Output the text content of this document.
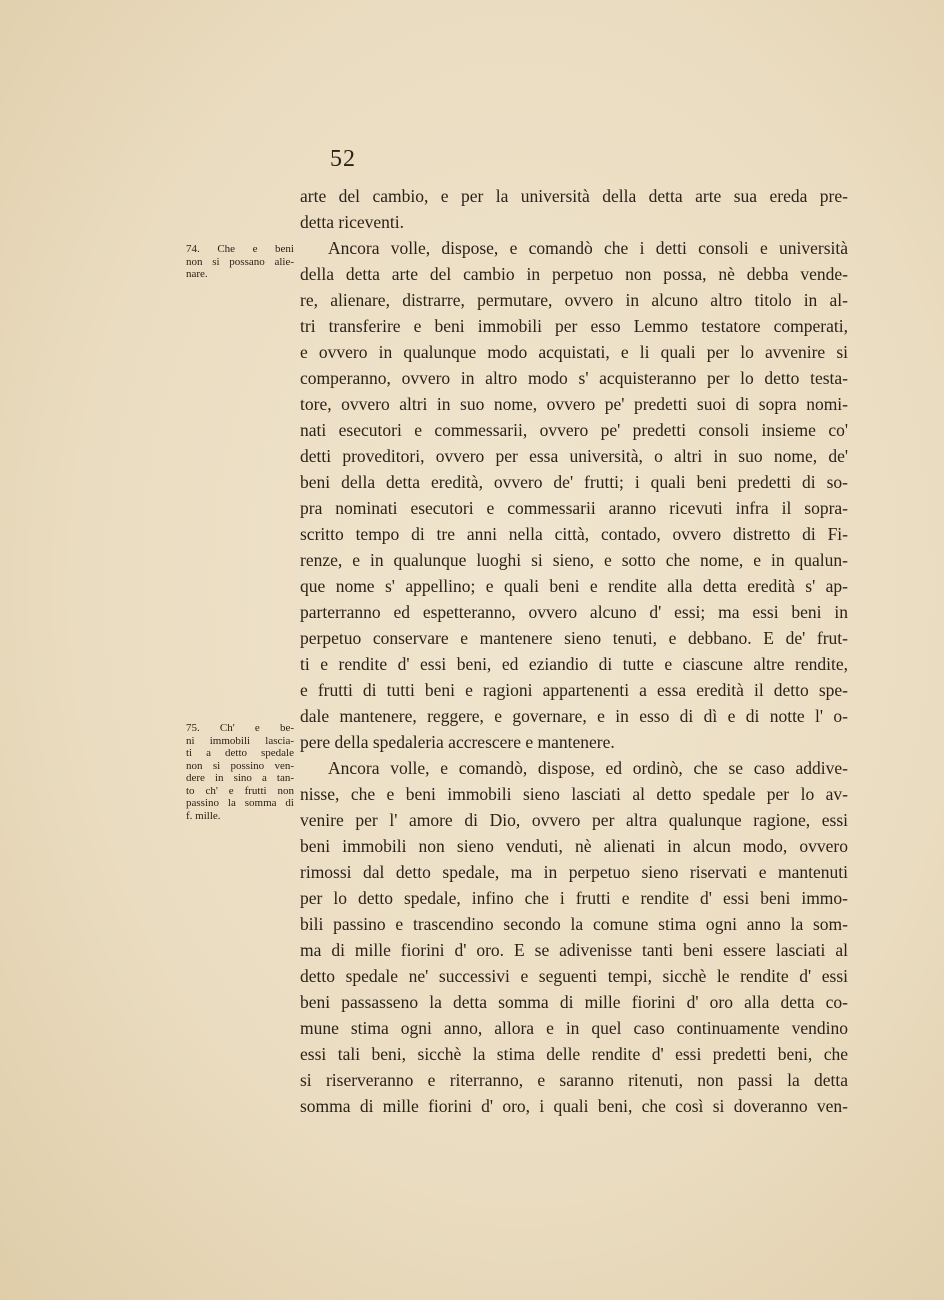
52
74. Che e beni
non si possano alie-
nare.
75. Ch' e be-
ni immobili lascia-
ti a detto spedale
non si possino ven-
dere in sino a tan-
to ch' e frutti non
passino la somma di
f. mille.
arte del cambio, e per la università della detta arte sua ereda pre-
detta riceventi.
Ancora volle, dispose, e comandò che i detti consoli e università
della detta arte del cambio in perpetuo non possa, nè debba vende-
re, alienare, distrarre, permutare, ovvero in alcuno altro titolo in al-
tri transferire e beni immobili per esso Lemmo testatore comperati,
e ovvero in qualunque modo acquistati, e li quali per lo avvenire si
comperanno, ovvero in altro modo s' acquisteranno per lo detto testa-
tore, ovvero altri in suo nome, ovvero pe' predetti suoi di sopra nomi-
nati esecutori e commessarii, ovvero pe' predetti consoli insieme co'
detti proveditori, ovvero per essa università, o altri in suo nome, de'
beni della detta eredità, ovvero de' frutti; i quali beni predetti di so-
pra nominati esecutori e commessarii aranno ricevuti infra il sopra-
scritto tempo di tre anni nella città, contado, ovvero distretto di Fi-
renze, e in qualunque luoghi si sieno, e sotto che nome, e in qualun-
que nome s' appellino; e quali beni e rendite alla detta eredità s' ap-
parterranno ed espetteranno, ovvero alcuno d' essi; ma essi beni in
perpetuo conservare e mantenere sieno tenuti, e debbano. E de' frut-
ti e rendite d' essi beni, ed eziandio di tutte e ciascune altre rendite,
e frutti di tutti beni e ragioni appartenenti a essa eredità il detto spe-
dale mantenere, reggere, e governare, e in esso di dì e di notte l' o-
pere della spedaleria accrescere e mantenere.
Ancora volle, e comandò, dispose, ed ordinò, che se caso addive-
nisse, che e beni immobili sieno lasciati al detto spedale per lo av-
venire per l' amore di Dio, ovvero per altra qualunque ragione, essi
beni immobili non sieno venduti, nè alienati in alcun modo, ovvero
rimossi dal detto spedale, ma in perpetuo sieno riservati e mantenuti
per lo detto spedale, infino che i frutti e rendite d' essi beni immo-
bili passino e trascendino secondo la comune stima ogni anno la som-
ma di mille fiorini d' oro. E se adivenisse tanti beni essere lasciati al
detto spedale ne' successivi e seguenti tempi, sicchè le rendite d' essi
beni passasseno la detta somma di mille fiorini d' oro alla detta co-
mune stima ogni anno, allora e in quel caso continuamente vendino
essi tali beni, sicchè la stima delle rendite d' essi predetti beni, che
si riserveranno e riterranno, e saranno ritenuti, non passi la detta
somma di mille fiorini d' oro, i quali beni, che così si doveranno ven-
